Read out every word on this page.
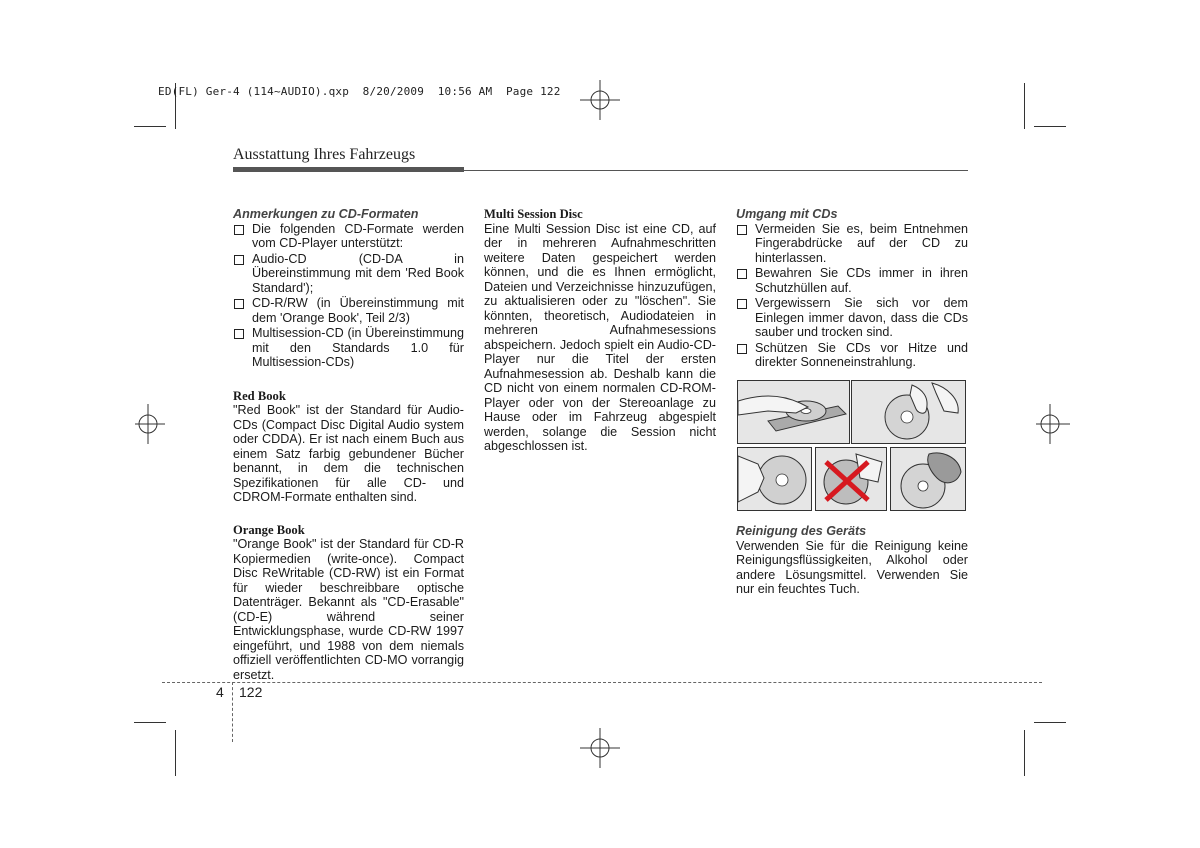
ED(FL) Ger-4 (114~AUDIO).qxp  8/20/2009  10:56 AM  Page 122
Ausstattung Ihres Fahrzeugs

Anmerkungen zu CD-Formaten

Die folgenden CD-Formate werden vom CD-Player unterstützt:
Audio-CD (CD-DA in Übereinstimmung mit dem 'Red Book Standard');
CD-R/RW (in Übereinstimmung mit dem 'Orange Book', Teil 2/3)
Multisession-CD (in Übereinstimmung mit den Standards 1.0 für Multisession-CDs)

Red Book

"Red Book" ist der Standard für Audio-CDs (Compact Disc Digital Audio system oder CDDA). Er ist nach einem Buch aus einem Satz farbig gebundener Bücher benannt, in dem die technischen Spezifikationen für alle CD- und CDROM-Formate enthalten sind.

Orange Book

"Orange Book" ist der Standard für CD-R Kopiermedien (write-once). Compact Disc ReWritable (CD-RW) ist ein Format für wieder beschreibbare optische Datenträger. Bekannt als "CD-Erasable" (CD-E) während seiner Entwicklungsphase, wurde CD-RW 1997 eingeführt, und 1988 von dem niemals offiziell veröffentlichten CD-MO vorrangig ersetzt.

Multi Session Disc

Eine Multi Session Disc ist eine CD, auf der in mehreren Aufnahmeschritten weitere Daten gespeichert werden können, und die es Ihnen ermöglicht, Dateien und Verzeichnisse hinzuzufügen, zu aktualisieren oder zu "löschen". Sie könnten, theoretisch, Audiodateien in mehreren Aufnahmesessions abspeichern. Jedoch spielt ein Audio-CD-Player nur die Titel der ersten Aufnahmesession ab. Deshalb kann die CD nicht von einem normalen CD-ROM-Player oder von der Stereoanlage zu Hause oder im Fahrzeug abgespielt werden, solange die Session nicht abgeschlossen ist.

Umgang mit CDs

Vermeiden Sie es, beim Entnehmen Fingerabdrücke auf der CD zu hinterlassen.
Bewahren Sie CDs immer in ihren Schutzhüllen auf.
Vergewissern Sie sich vor dem Einlegen immer davon, dass die CDs sauber und trocken sind.
Schützen Sie CDs vor Hitze und direkter Sonneneinstrahlung.

Reinigung des Geräts

Verwenden Sie für die Reinigung keine Reinigungsflüssigkeiten, Alkohol oder andere Lösungsmittel. Verwenden Sie nur ein feuchtes Tuch.

4 122
